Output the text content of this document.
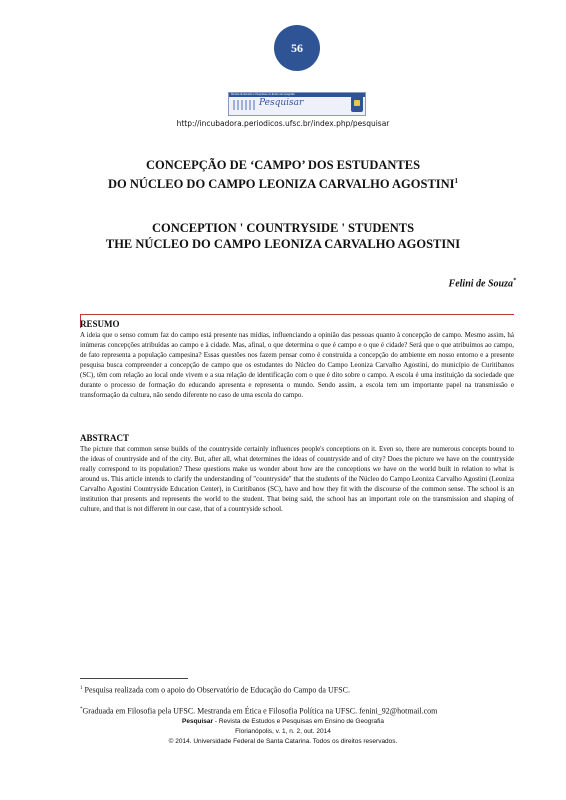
56
Revista de Estudos e Pesquisas em Ensino de Geografia
Pesquisar
http://incubadora.periodicos.ufsc.br/index.php/pesquisar
CONCEPÇÃO DE ‘CAMPO’ DOS ESTUDANTES
DO NÚCLEO DO CAMPO LEONIZA CARVALHO AGOSTINI$^1$
CONCEPTION ' COUNTRYSIDE ' STUDENTS
THE NÚCLEO DO CAMPO LEONIZA CARVALHO AGOSTINI
Felini de Souza*
RESUMO

A ideia que o senso comum faz do campo está presente nas mídias, influenciando a opinião das pessoas quanto à concepção de campo. Mesmo assim, há inúmeras concepções atribuídas ao campo e à cidade. Mas, afinal, o que determina o que é campo e o que é cidade? Será que o que atribuímos ao campo, de fato representa a população campesina? Essas questões nos fazem pensar como é construída a concepção do ambiente em nosso entorno e a presente pesquisa busca compreender a concepção de campo que os estudantes do Núcleo do Campo Leoniza Carvalho Agostini, do município de Curitibanos (SC), têm com relação ao local onde vivem e a sua relação de identificação com o que é dito sobre o campo. A escola é uma instituição da sociedade que durante o processo de formação do educando apresenta e representa o mundo. Sendo assim, a escola tem um importante papel na transmissão e transformação da cultura, não sendo diferente no caso de uma escola do campo.

ABSTRACT

The picture that common sense builds of the countryside certainly influences people's conceptions on it. Even so, there are numerous concepts bound to the ideas of countryside and of the city. But, after all, what determines the ideas of countryside and of city? Does the picture we have on the countryside really correspond to its population? These questions make us wonder about how are the conceptions we have on the world built in relation to what is around us. This article intends to clarify the understanding of "countryside" that the students of the Núcleo do Campo Leoniza Carvalho Agostini (Leoniza Carvalho Agostini Countryside Education Center), in Curitibanos (SC), have and how they fit with the discourse of the common sense. The school is an institution that presents and represents the world to the student. That being said, the school has an important role on the transmission and shaping of culture, and that is not different in our case, that of a countryside school.

$^1$ Pesquisa realizada com o apoio do Observatório de Educação do Campo da UFSC.
*Graduada em Filosofia pela UFSC. Mestranda em Ética e Filosofia Política na UFSC. fenini_92@hotmail.com
Pesquisar - Revista de Estudos e Pesquisas em Ensino de Geografia
Florianópolis, v. 1, n. 2, out. 2014
© 2014. Universidade Federal de Santa Catarina. Todos os direitos reservados.
